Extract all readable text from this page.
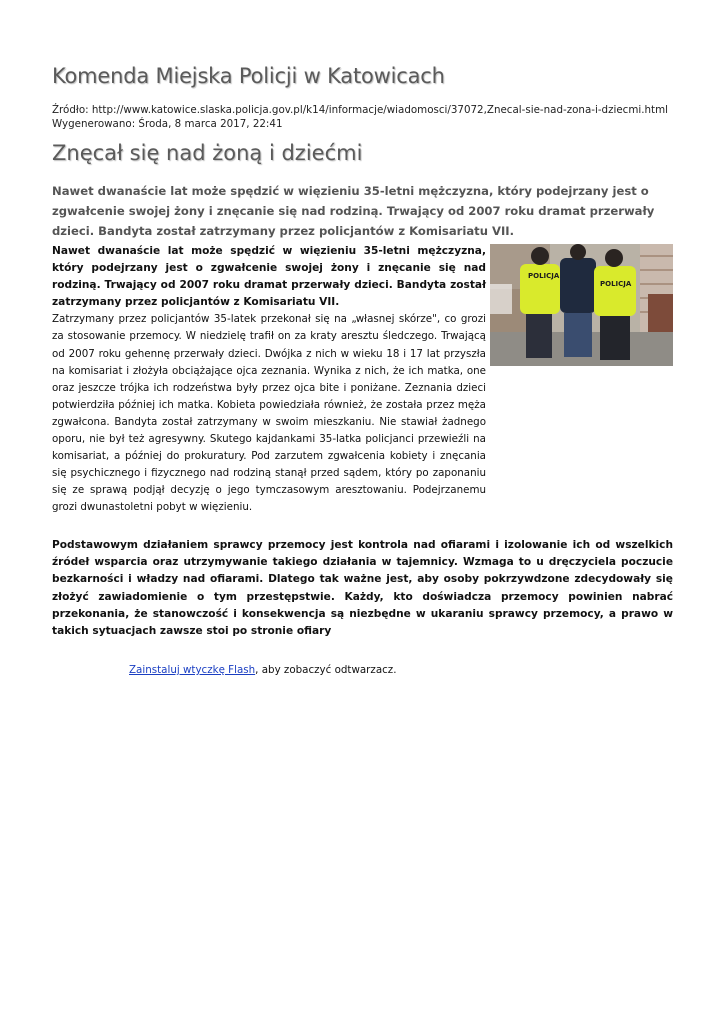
Komenda Miejska Policji w Katowicach
Źródło: http://www.katowice.slaska.policja.gov.pl/k14/informacje/wiadomosci/37072,Znecal-sie-nad-zona-i-dziecmi.html
Wygenerowano: Środa, 8 marca 2017, 22:41
Znęcał się nad żoną i dziećmi
Nawet dwanaście lat może spędzić w więzieniu 35-letni mężczyzna, który podejrzany jest o zgwałcenie swojej żony i znęcanie się nad rodziną. Trwający od 2007 roku dramat przerwały dzieci. Bandyta został zatrzymany przez policjantów z Komisariatu VII.
POLICJA
POLICJA
Nawet dwanaście lat może spędzić w więzieniu 35-letni mężczyzna, który podejrzany jest o zgwałcenie swojej żony i znęcanie się nad rodziną. Trwający od 2007 roku dramat przerwały dzieci. Bandyta został zatrzymany przez policjantów z Komisariatu VII.
Zatrzymany przez policjantów 35-latek przekonał się na „własnej skórze", co grozi za stosowanie przemocy. W niedzielę trafił on za kraty aresztu śledczego. Trwającą od 2007 roku gehennę przerwały dzieci. Dwójka z nich w wieku 18 i 17 lat przyszła na komisariat i złożyła obciążające ojca zeznania. Wynika z nich, że ich matka, one oraz jeszcze trójka ich rodzeństwa były przez ojca bite i poniżane. Zeznania dzieci potwierdziła później ich matka. Kobieta powiedziała również, że została przez męża zgwałcona. Bandyta został zatrzymany w swoim mieszkaniu. Nie stawiał żadnego oporu, nie był też agresywny. Skutego kajdankami 35-latka policjanci przewieźli na komisariat, a później do prokuratury. Pod zarzutem zgwałcenia kobiety i znęcania się psychicznego i fizycznego nad rodziną stanął przed sądem, który po zaponaniu się ze sprawą podjął decyzję o jego tymczasowym aresztowaniu. Podejrzanemu grozi dwunastoletni pobyt w więzieniu.
Podstawowym działaniem sprawcy przemocy jest kontrola nad ofiarami i izolowanie ich od wszelkich źródeł wsparcia oraz utrzymywanie takiego działania w tajemnicy. Wzmaga to u dręczyciela poczucie bezkarności i władzy nad ofiarami. Dlatego tak ważne jest, aby osoby pokrzywdzone zdecydowały się złożyć zawiadomienie o tym przestępstwie. Każdy, kto doświadcza przemocy powinien nabrać przekonania, że stanowczość i konsekwencja są niezbędne w ukaraniu sprawcy przemocy, a prawo w takich sytuacjach zawsze stoi po stronie ofiary
Zainstaluj wtyczkę Flash, aby zobaczyć odtwarzacz.
